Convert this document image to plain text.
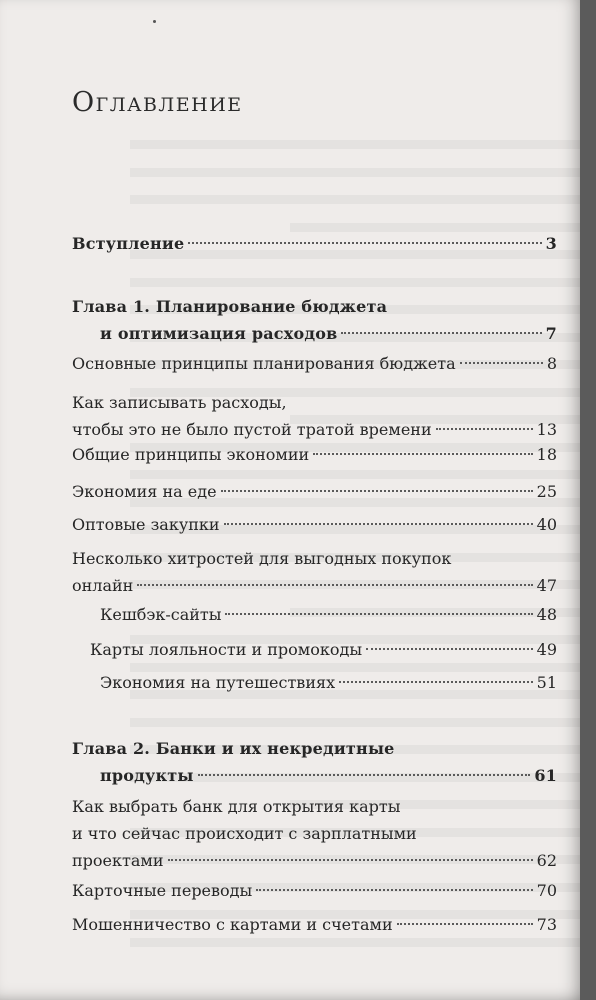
Оглавление
Вступление	3
Глава 1. Планирование бюджета
и оптимизация расходов	7
Основные принципы планирования бюджета	8
Как записывать расходы,
чтобы это не было пустой тратой времени	13
Общие принципы экономии	18
Экономия на еде	25
Оптовые закупки	40
Несколько хитростей для выгодных покупок
онлайн	47
Кешбэк-сайты	48
Карты лояльности и промокоды	49
Экономия на путешествиях	51
Глава 2. Банки и их некредитные
продукты	61
Как выбрать банк для открытия карты
и что сейчас происходит с зарплатными
проектами	62
Карточные переводы	70
Мошенничество с картами и счетами	73
